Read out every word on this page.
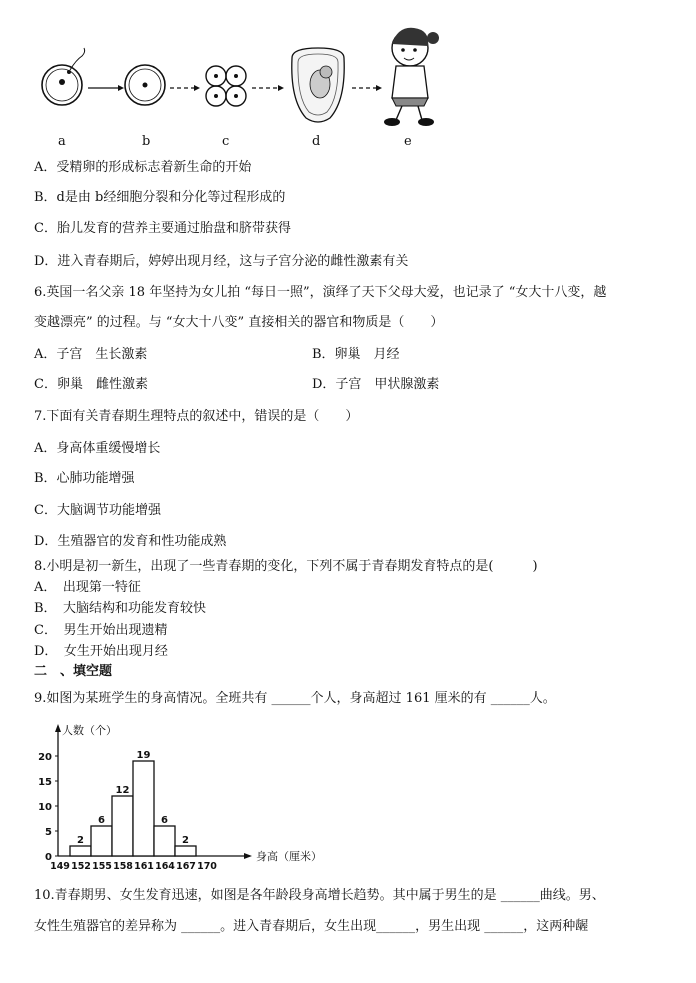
a	b	c	d	e
A．受精卵的形成标志着新生命的开始
B．d是由 b经细胞分裂和分化等过程形成的
C．胎儿发育的营养主要通过胎盘和脐带获得
D．进入青春期后，婷婷出现月经，这与子宫分泌的雌性激素有关
6.英国一名父亲 18 年坚持为女儿拍 “每日一照”，演绎了天下父母大爱，也记录了 “女大十八变，越
变越漂亮” 的过程。与 “女大十八变” 直接相关的器官和物质是（　　）
A．子宫　生长激素	B．卵巢　月经
C．卵巢　雌性激素	D．子宫　甲状腺激素
7.下面有关青春期生理特点的叙述中，错误的是（　　）
A．身高体重缓慢增长
B．心肺功能增强
C．大脑调节功能增强
D．生殖器官的发育和性功能成熟
8.小明是初一新生，出现了一些青春期的变化，下列不属于青春期发育特点的是(　　　)
A．　出现第一特征
B．　大脑结构和功能发育较快
C．　男生开始出现遗精
D．　女生开始出现月经
二　、填空题
9.如图为某班学生的身高情况。全班共有 ______个人，身高超过 161 厘米的有 ______人。
人数（个）
身高（厘米）
0
5
10
15
20
149 152 155 158 161 164 167 170
2
6
12
19
6
2
10.青春期男、女生发育迅速，如图是各年龄段身高增长趋势。其中属于男生的是 ______曲线。男、
女性生殖器官的差异称为 ______。进入青春期后，女生出现______，男生出现 ______，这两种龌
